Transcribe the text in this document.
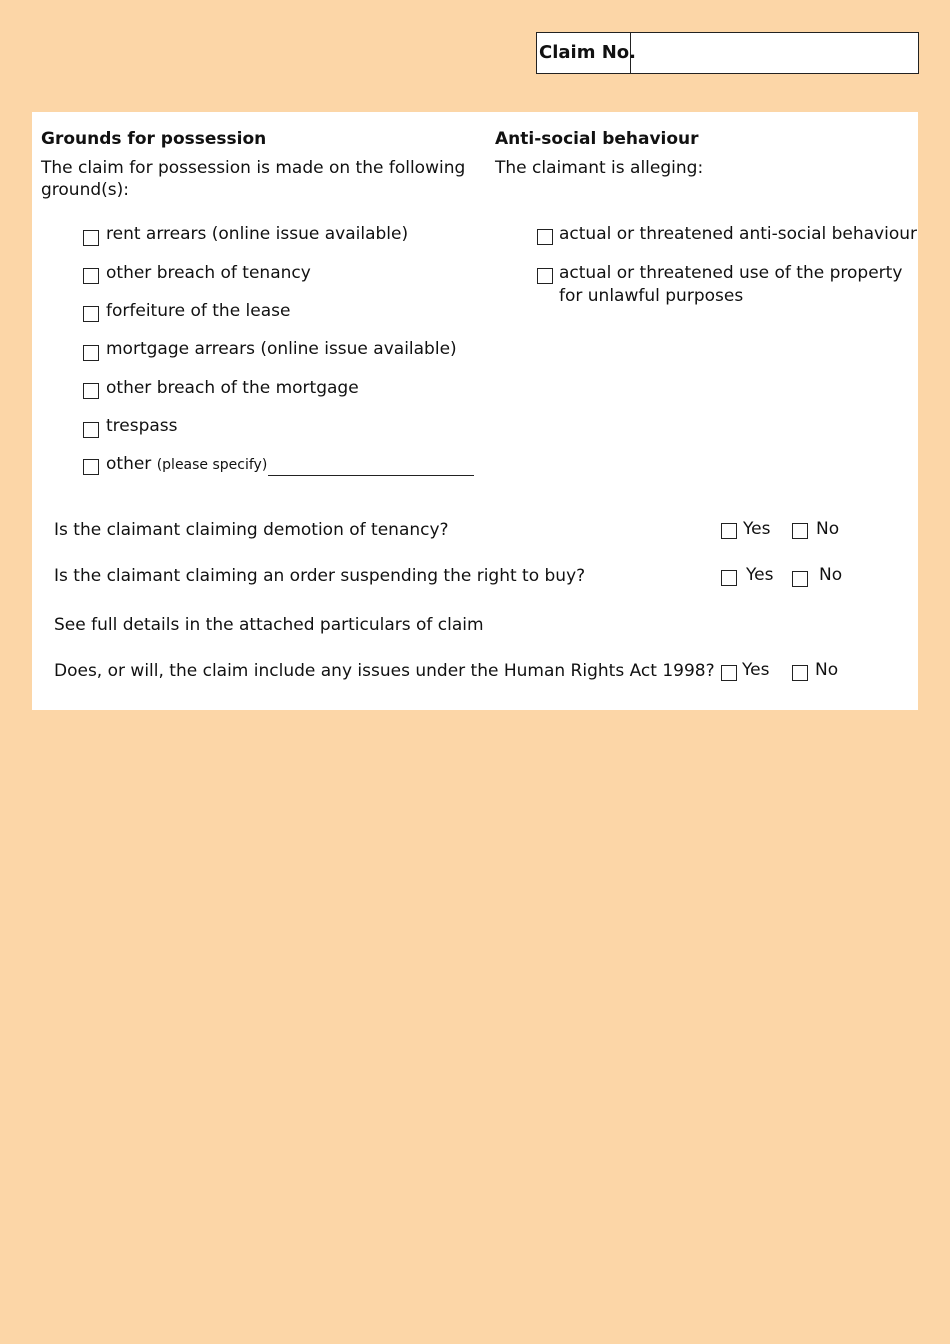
Claim No.
Grounds for possession
The claim for possession is made on the following
ground(s):
rent arrears (online issue available)
other breach of tenancy
forfeiture of the lease
mortgage arrears (online issue available)
other breach of the mortgage
trespass
other (please specify)
Anti-social behaviour
The claimant is alleging:
actual or threatened anti-social behaviour
actual or threatened use of the property
for unlawful purposes
Is the claimant claiming demotion of tenancy?	Yes	No
Is the claimant claiming an order suspending the right to buy?	Yes	No
See full details in the attached particulars of claim
Does, or will, the claim include any issues under the Human Rights Act 1998? Yes	No
